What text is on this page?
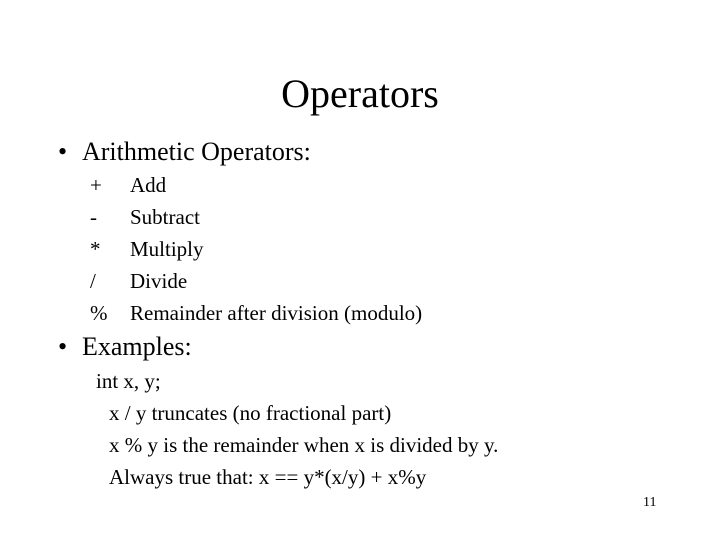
Operators
• Arithmetic Operators:
+	Add
-	Subtract
*	Multiply
/	Divide
%	Remainder after division (modulo)
• Examples:
int x, y;
x / y truncates (no fractional part)
x % y is the remainder when x is divided by y.
Always true that: x == y*(x/y) + x%y
11
